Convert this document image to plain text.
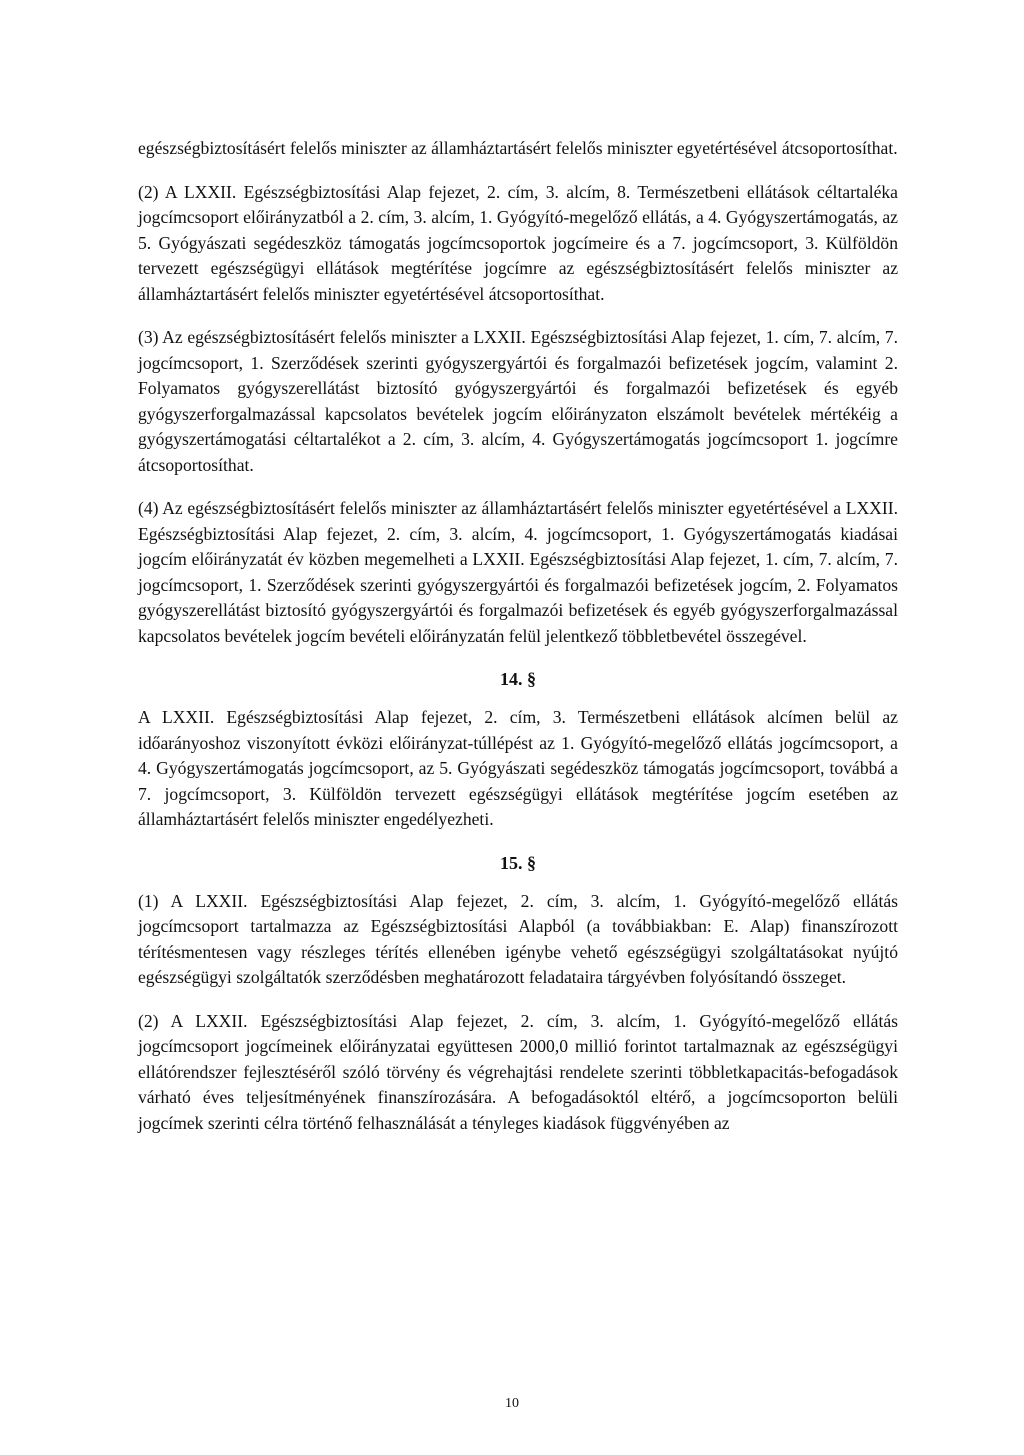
egészségbiztosításért felelős miniszter az államháztartásért felelős miniszter egyetértésével átcsoportosíthat.

(2) A LXXII. Egészségbiztosítási Alap fejezet, 2. cím, 3. alcím, 8. Természetbeni ellátások céltartaléka jogcímcsoport előirányzatból a 2. cím, 3. alcím, 1. Gyógyító-megelőző ellátás, a 4. Gyógyszertámogatás, az 5. Gyógyászati segédeszköz támogatás jogcímcsoportok jogcímeire és a 7. jogcímcsoport, 3. Külföldön tervezett egészségügyi ellátások megtérítése jogcímre az egészségbiztosításért felelős miniszter az államháztartásért felelős miniszter egyetértésével átcsoportosíthat.

(3) Az egészségbiztosításért felelős miniszter a LXXII. Egészségbiztosítási Alap fejezet, 1. cím, 7. alcím, 7. jogcímcsoport, 1. Szerződések szerinti gyógyszergyártói és forgalmazói befizetések jogcím, valamint 2. Folyamatos gyógyszerellátást biztosító gyógyszergyártói és forgalmazói befizetések és egyéb gyógyszerforgalmazással kapcsolatos bevételek jogcím előirányzaton elszámolt bevételek mértékéig a gyógyszertámogatási céltartalékot a 2. cím, 3. alcím, 4. Gyógyszertámogatás jogcímcsoport 1. jogcímre átcsoportosíthat.

(4) Az egészségbiztosításért felelős miniszter az államháztartásért felelős miniszter egyetértésével a LXXII. Egészségbiztosítási Alap fejezet, 2. cím, 3. alcím, 4. jogcímcsoport, 1. Gyógyszertámogatás kiadásai jogcím előirányzatát év közben megemelheti a LXXII. Egészségbiztosítási Alap fejezet, 1. cím, 7. alcím, 7. jogcímcsoport, 1. Szerződések szerinti gyógyszergyártói és forgalmazói befizetések jogcím, 2. Folyamatos gyógyszerellátást biztosító gyógyszergyártói és forgalmazói befizetések és egyéb gyógyszerforgalmazással kapcsolatos bevételek jogcím bevételi előirányzatán felül jelentkező többletbevétel összegével.

14. §

A LXXII. Egészségbiztosítási Alap fejezet, 2. cím, 3. Természetbeni ellátások alcímen belül az időarányoshoz viszonyított évközi előirányzat-túllépést az 1. Gyógyító-megelőző ellátás jogcímcsoport, a 4. Gyógyszertámogatás jogcímcsoport, az 5. Gyógyászati segédeszköz támogatás jogcímcsoport, továbbá a 7. jogcímcsoport, 3. Külföldön tervezett egészségügyi ellátások megtérítése jogcím esetében az államháztartásért felelős miniszter engedélyezheti.

15. §

(1) A LXXII. Egészségbiztosítási Alap fejezet, 2. cím, 3. alcím, 1. Gyógyító-megelőző ellátás jogcímcsoport tartalmazza az Egészségbiztosítási Alapból (a továbbiakban: E. Alap) finanszírozott térítésmentesen vagy részleges térítés ellenében igénybe vehető egészségügyi szolgáltatásokat nyújtó egészségügyi szolgáltatók szerződésben meghatározott feladataira tárgyévben folyósítandó összeget.

(2) A LXXII. Egészségbiztosítási Alap fejezet, 2. cím, 3. alcím, 1. Gyógyító-megelőző ellátás jogcímcsoport jogcímeinek előirányzatai együttesen 2000,0 millió forintot tartalmaznak az egészségügyi ellátórendszer fejlesztéséről szóló törvény és végrehajtási rendelete szerinti többletkapacitás-befogadások várható éves teljesítményének finanszírozására. A befogadásoktól eltérő, a jogcímcsoporton belüli jogcímek szerinti célra történő felhasználását a tényleges kiadások függvényében az

10
